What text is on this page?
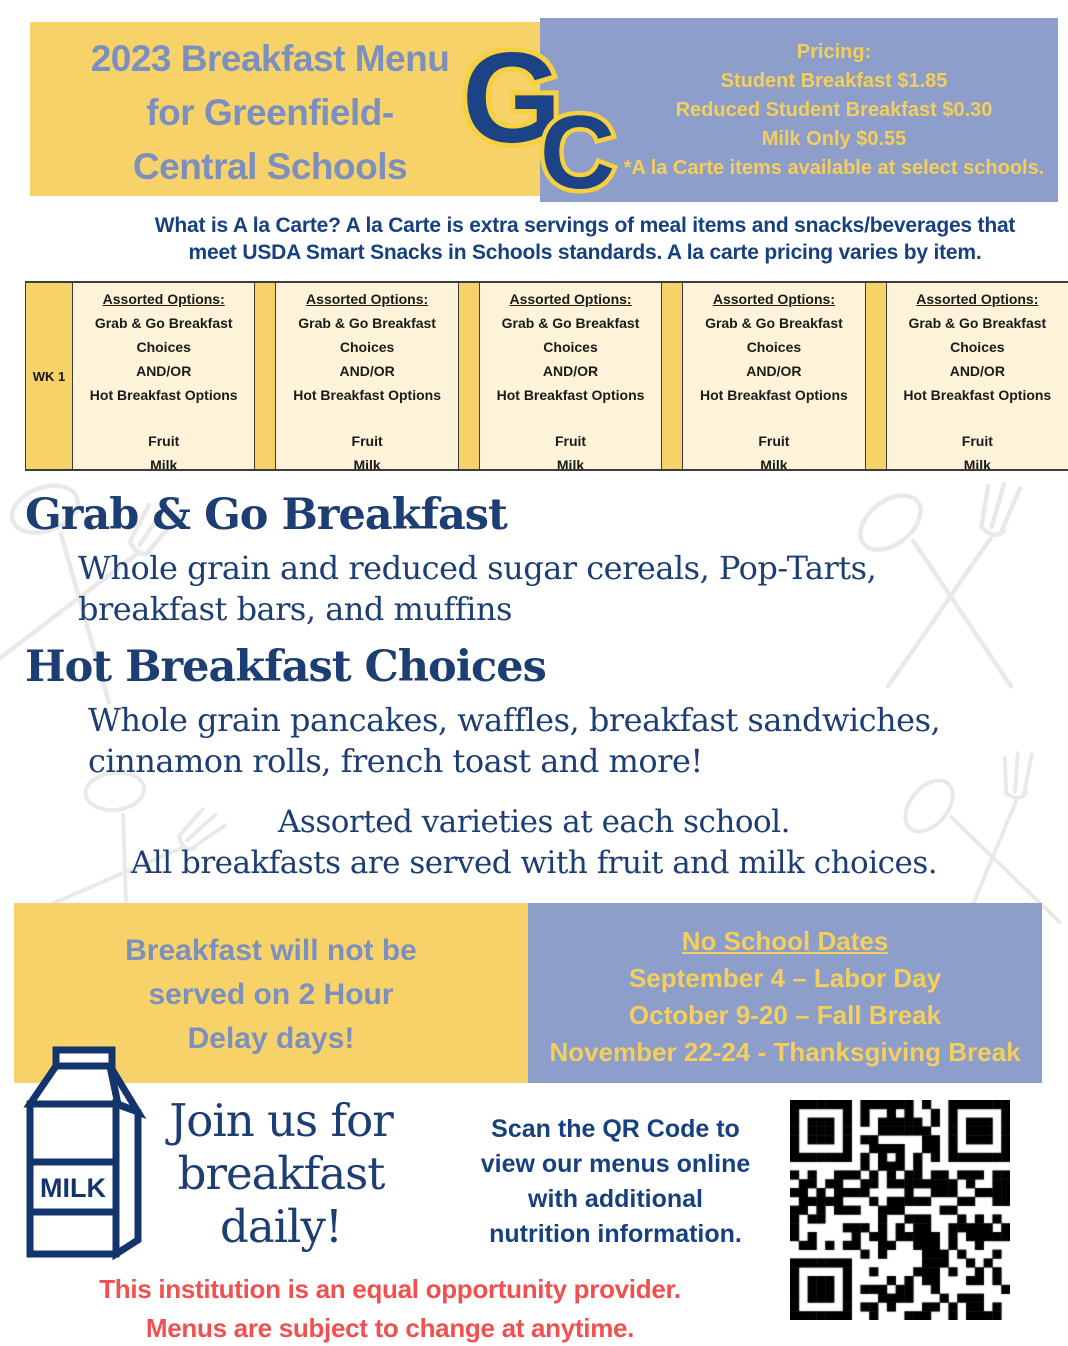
2023 Breakfast Menu
for Greenfield-
Central Schools
Pricing:
Student Breakfast $1.85
Reduced Student Breakfast $0.30
Milk Only $0.55
*A la Carte items available at select schools.
G
C
What is A la Carte? A la Carte is extra servings of meal items and snacks/beverages that
meet USDA Smart Snacks in Schools standards. A la carte pricing varies by item.
WK 1
Assorted Options:
Grab & Go Breakfast
Choices
AND/OR
Hot Breakfast Options
Fruit
Milk
Assorted Options:
Grab & Go Breakfast
Choices
AND/OR
Hot Breakfast Options
Fruit
Milk
Assorted Options:
Grab & Go Breakfast
Choices
AND/OR
Hot Breakfast Options
Fruit
Milk
Assorted Options:
Grab & Go Breakfast
Choices
AND/OR
Hot Breakfast Options
Fruit
Milk
Assorted Options:
Grab & Go Breakfast
Choices
AND/OR
Hot Breakfast Options
Fruit
Milk
Grab & Go Breakfast
Whole grain and reduced sugar cereals, Pop-Tarts, breakfast bars, and muffins
Hot Breakfast Choices
Whole grain pancakes, waffles, breakfast sandwiches, cinnamon rolls, french toast and more!
Assorted varieties at each school.
All breakfasts are served with fruit and milk choices.
Breakfast will not be
served on 2 Hour
Delay days!
No School Dates
September 4 – Labor Day
October 9-20 – Fall Break
November 22-24 - Thanksgiving Break
MILK
Join us for
breakfast
daily!
Scan the QR Code to
view our menus online
with additional
nutrition information.
This institution is an equal opportunity provider.
Menus are subject to change at anytime.
